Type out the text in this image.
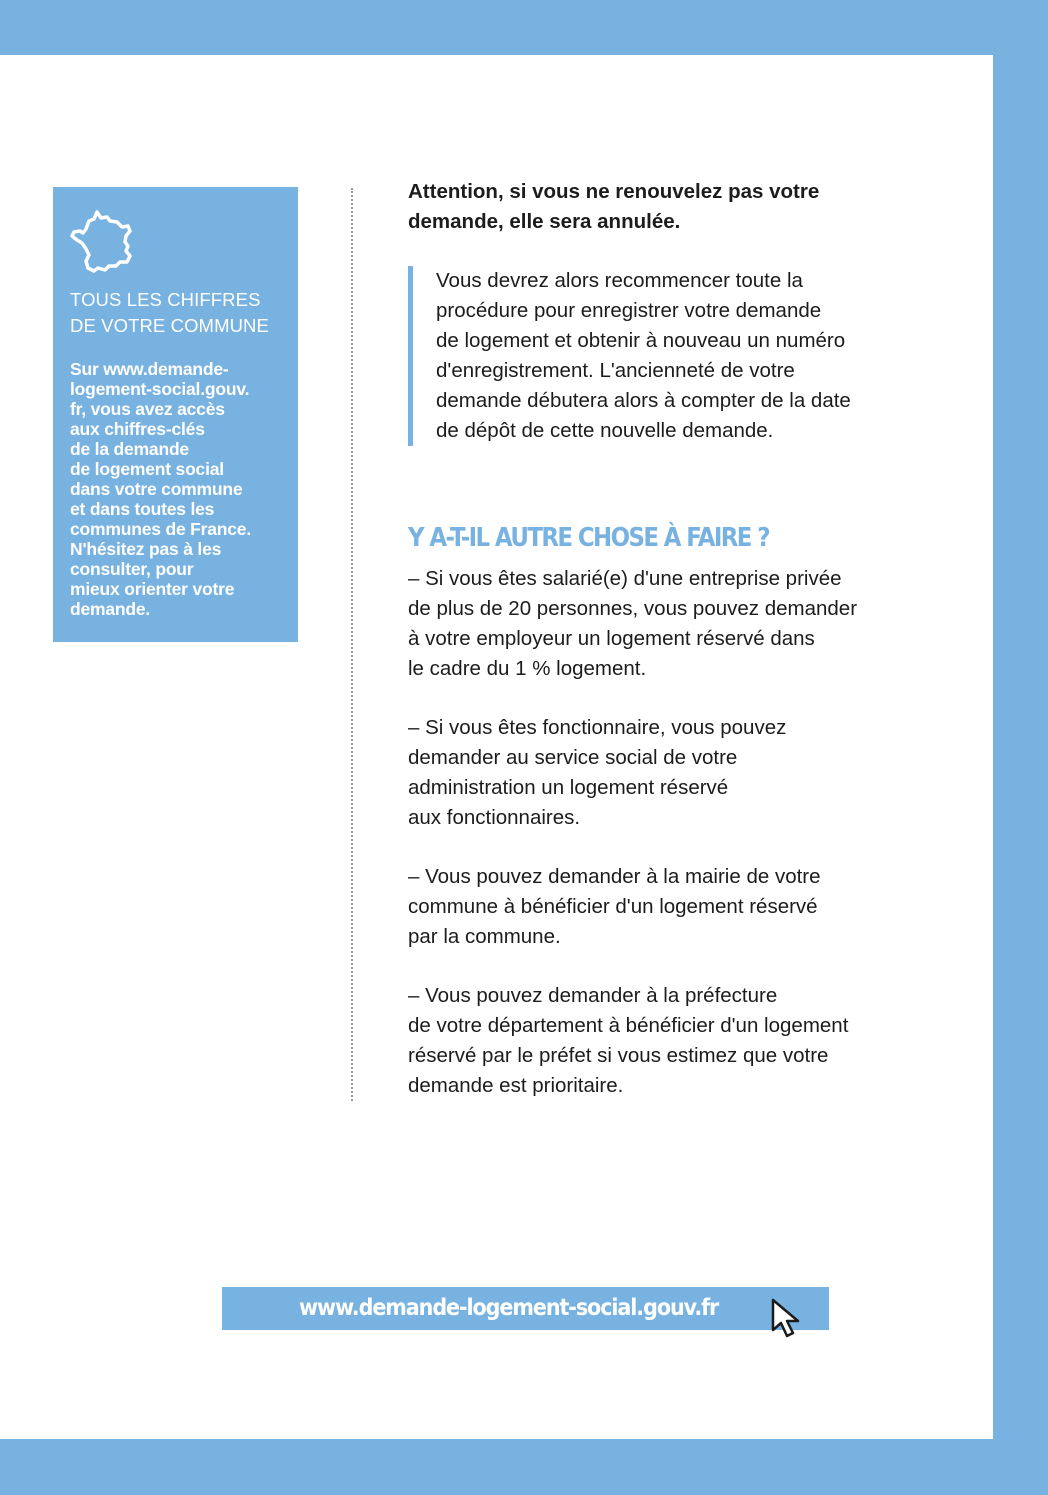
TOUS LES CHIFFRES
DE VOTRE COMMUNE
Sur www.demande-
logement-social.gouv.
fr, vous avez accès
aux chiffres-clés
de la demande
de logement social
dans votre commune
et dans toutes les
communes de France.
N'hésitez pas à les
consulter, pour
mieux orienter votre
demande.

Attention, si vous ne renouvelez pas votre
demande, elle sera annulée.

Vous devrez alors recommencer toute la
procédure pour enregistrer votre demande
de logement et obtenir à nouveau un numéro
d'enregistrement. L'ancienneté de votre
demande débutera alors à compter de la date
de dépôt de cette nouvelle demande.
Y A-T-IL AUTRE CHOSE À FAIRE ?

– Si vous êtes salarié(e) d'une entreprise privée
de plus de 20 personnes, vous pouvez demander
à votre employeur un logement réservé dans
le cadre du 1 % logement.

– Si vous êtes fonctionnaire, vous pouvez
demander au service social de votre
administration un logement réservé
aux fonctionnaires.

– Vous pouvez demander à la mairie de votre
commune à bénéficier d'un logement réservé
par la commune.

– Vous pouvez demander à la préfecture
de votre département à bénéficier d'un logement
réservé par le préfet si vous estimez que votre
demande est prioritaire.

www.demande-logement-social.gouv.fr
